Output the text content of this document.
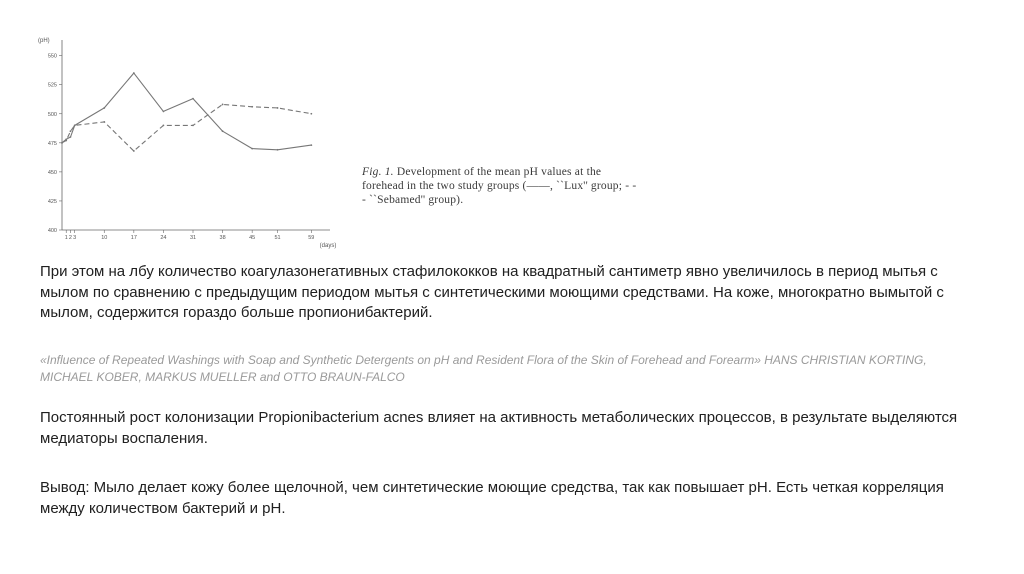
(pH)
550
525
500
475
450
425
400
1 2 3	10	17	24	31	38	45	51	59
(days)
Fig. 1. Development of the mean pH values at the forehead in the two study groups (——, ``Lux'' group; - - - ``Sebamed'' group).

При этом на лбу количество коагулазонегативных стафилококков на квадратный сантиметр явно увеличилось в период мытья с мылом по сравнению с предыдущим периодом мытья с синтетическими моющими средствами. На коже, многократно вымытой с мылом, содержится гораздо больше пропионибактерий.

«Influence of Repeated Washings with Soap and Synthetic Detergents on pH and Resident Flora of the Skin of Forehead and Forearm» HANS CHRISTIAN KORTING, MICHAEL KOBER, MARKUS MUELLER and OTTO BRAUN-FALCO

Постоянный рост колонизации Propionibacterium acnes влияет на активность метаболических процессов, в результате выделяются медиаторы воспаления.

Вывод: Мыло делает кожу более щелочной, чем синтетические моющие средства, так как повышает pH. Есть четкая корреляция между количеством бактерий и pH.
